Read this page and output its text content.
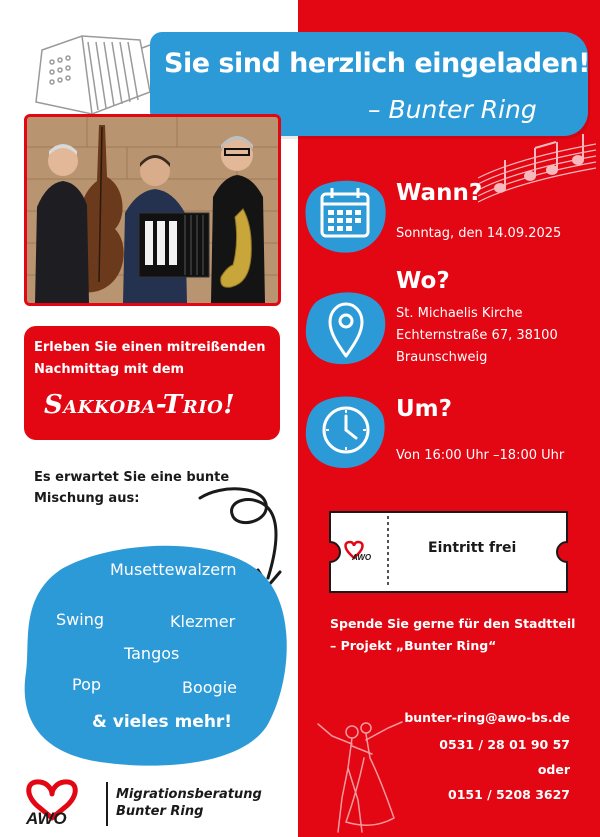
Sie sind herzlich eingeladen!
– Bunter Ring
Erleben Sie einen mitreißenden Nachmittag mit dem
Sakkoba-Trio!
Es erwartet Sie eine bunte Mischung aus:
Musettewalzern
Swing	Klezmer
Tangos
Pop	Boogie
& vieles mehr!
AWO
Migrationsberatung
Bunter Ring
Wann?
Sonntag, den 14.09.2025
Wo?
St. Michaelis Kirche
Echternstraße 67, 38100
Braunschweig
Um?
Von 16:00 Uhr –18:00 Uhr
AWO
Eintritt frei
Spende Sie gerne für den Stadtteil
– Projekt „Bunter Ring“
bunter-ring@awo-bs.de
0531 / 28 01 90 57
oder
0151 / 5208 3627
